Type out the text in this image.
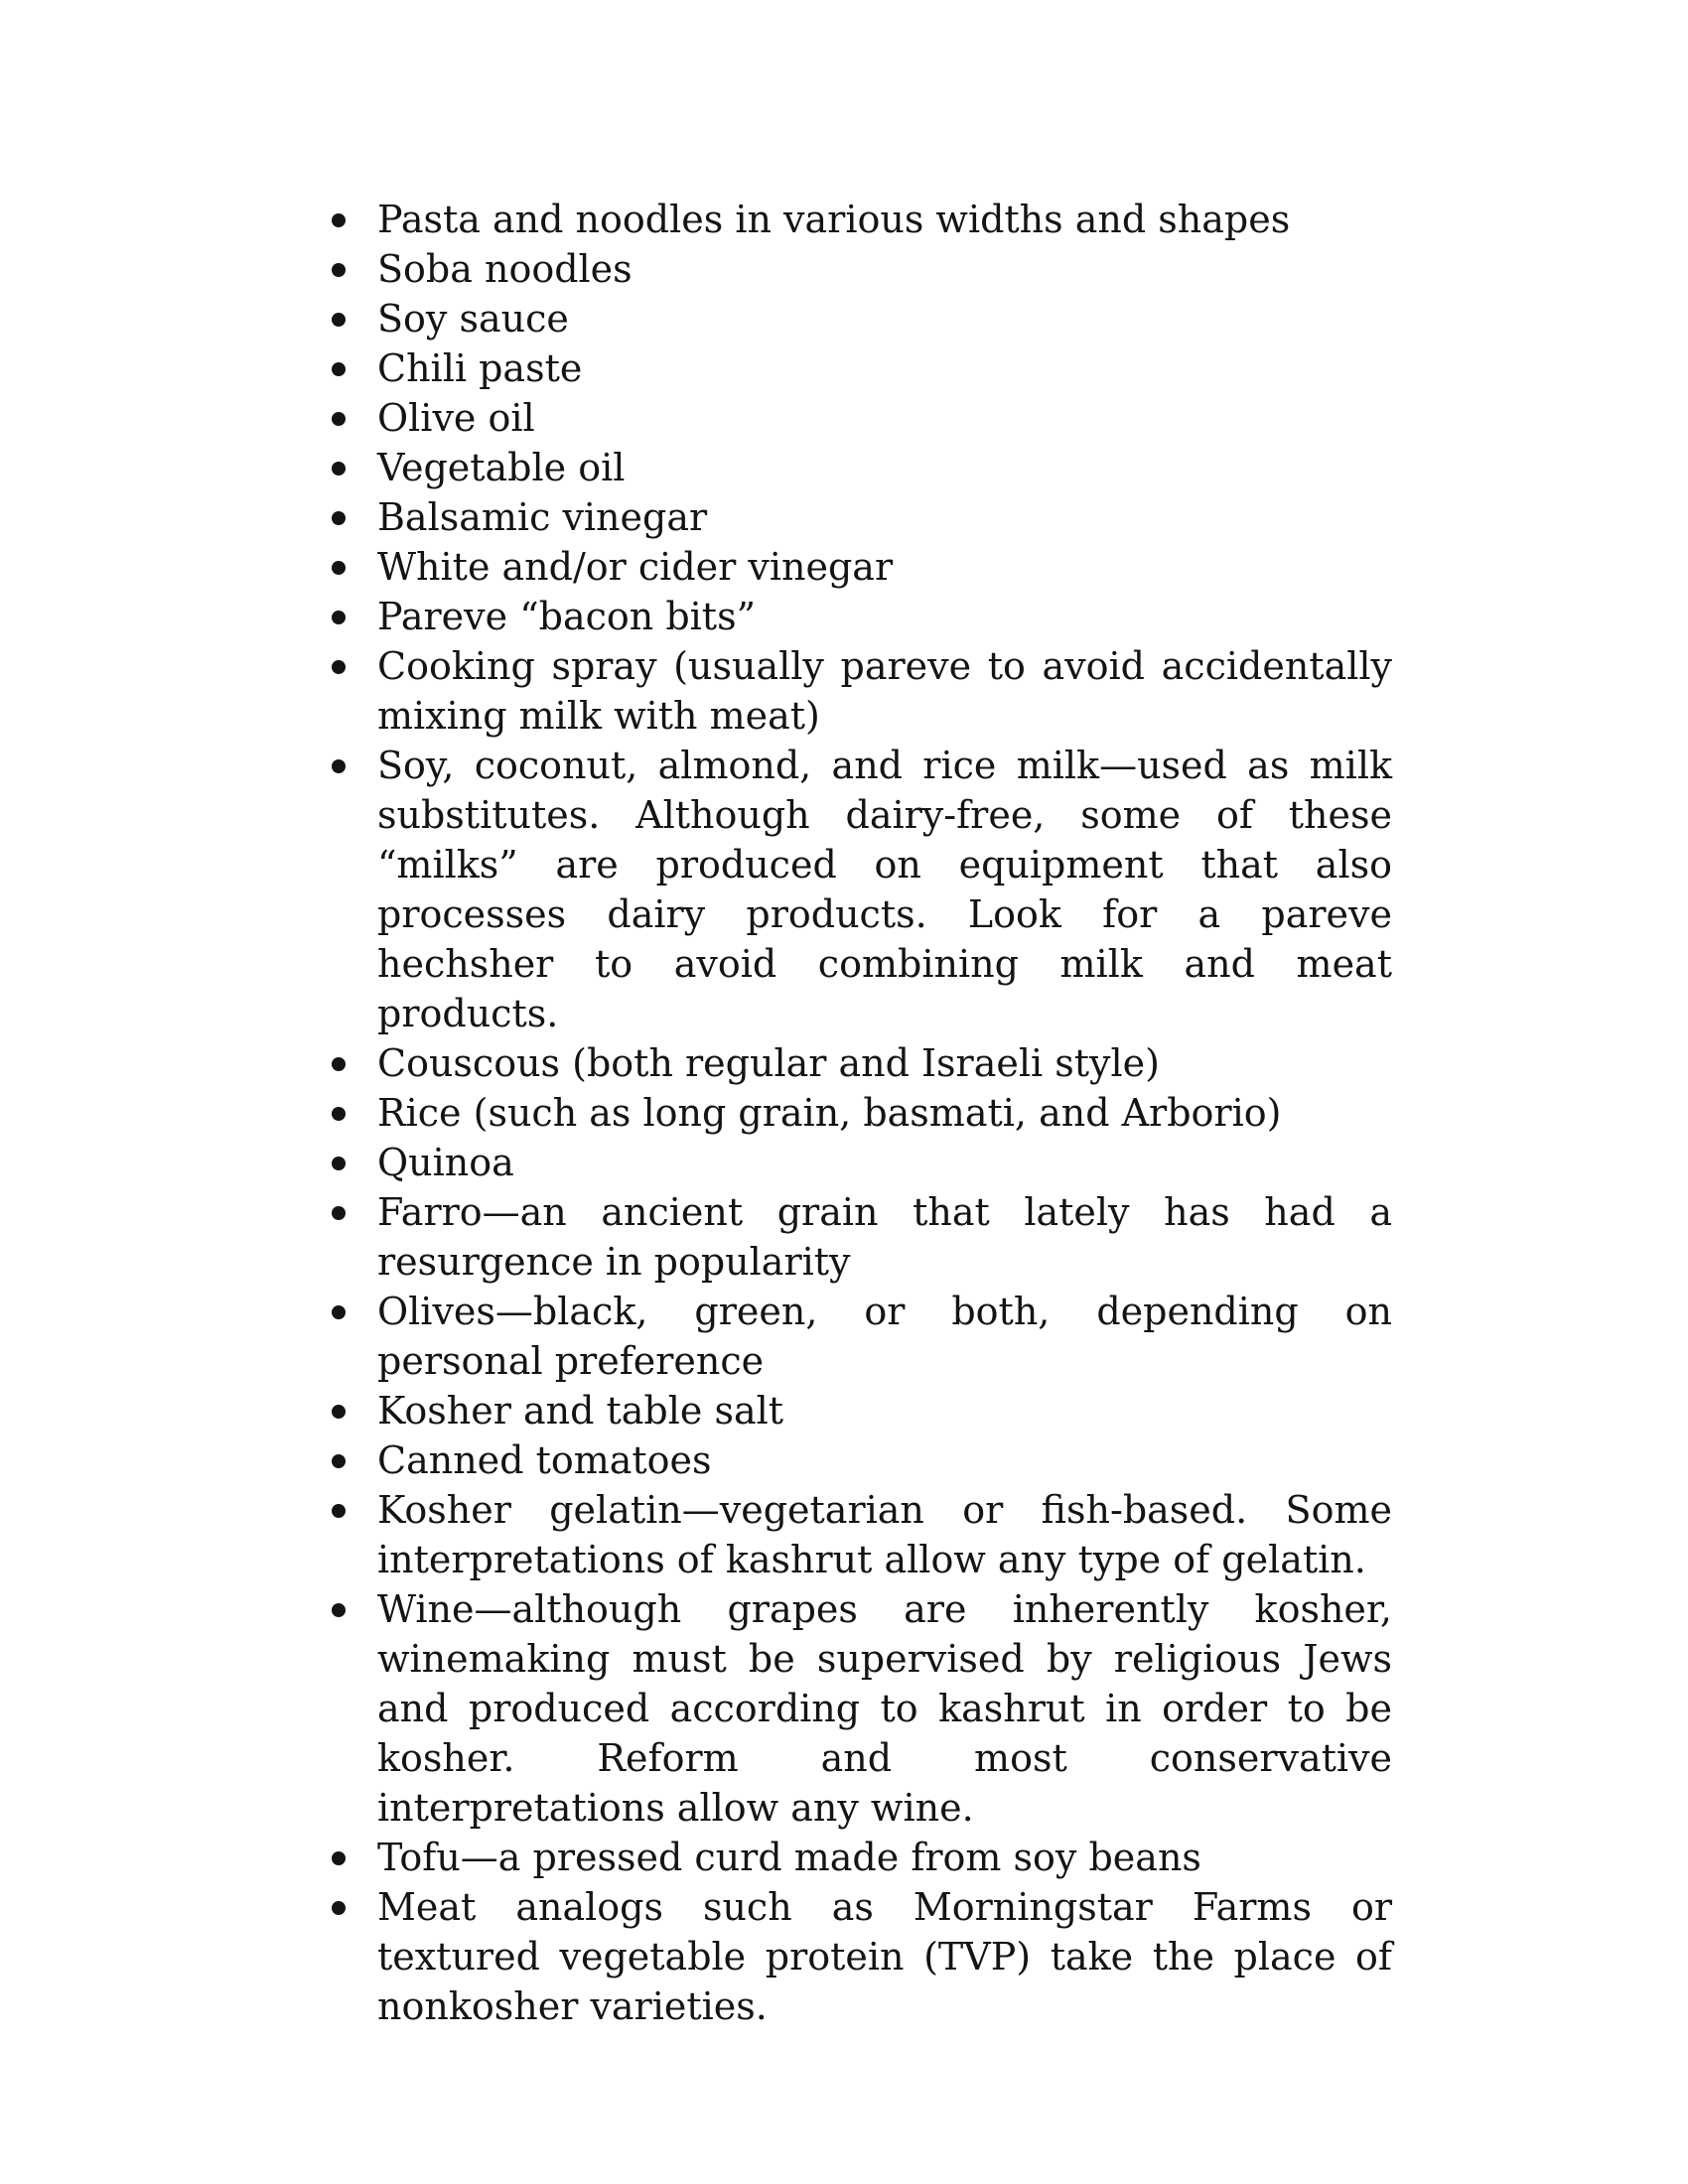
Pasta and noodles in various widths and shapes
Soba noodles
Soy sauce
Chili paste
Olive oil
Vegetable oil
Balsamic vinegar
White and/or cider vinegar
Pareve “bacon bits”
Cooking spray (usually pareve to avoid accidentally mixing milk with meat)
Soy, coconut, almond, and rice milk—used as milk substitutes. Although dairy-free, some of these “milks” are produced on equipment that also processes dairy products. Look for a pareve hechsher to avoid combining milk and meat products.
Couscous (both regular and Israeli style)
Rice (such as long grain, basmati, and Arborio)
Quinoa
Farro—an ancient grain that lately has had a resurgence in popularity
Olives—black, green, or both, depending on personal preference
Kosher and table salt
Canned tomatoes
Kosher gelatin—vegetarian or fish-based. Some interpretations of kashrut allow any type of gelatin.
Wine—although grapes are inherently kosher, winemaking must be supervised by religious Jews and produced according to kashrut in order to be kosher. Reform and most conservative interpretations allow any wine.
Tofu—a pressed curd made from soy beans
Meat analogs such as Morningstar Farms or textured vegetable protein (TVP) take the place of nonkosher varieties.
